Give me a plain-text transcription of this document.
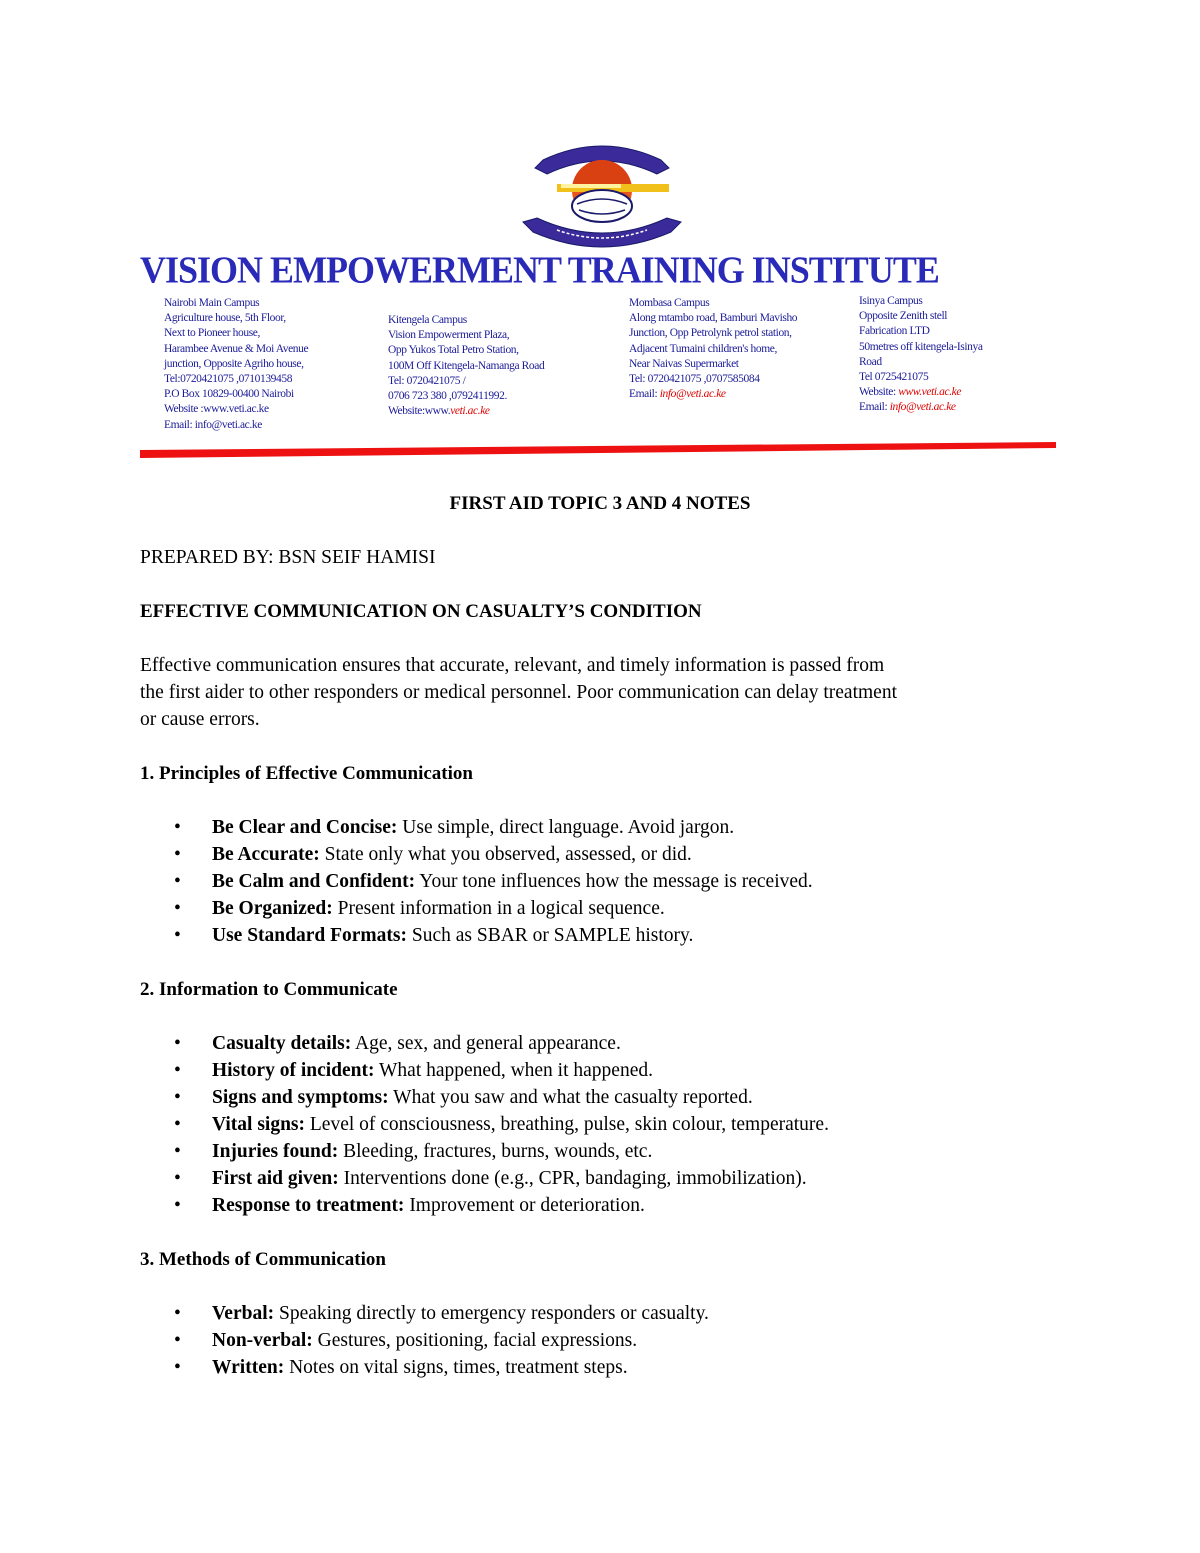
VISION EMPOWERMENT TRAINING INSTITUTE
Nairobi Main Campus
Agriculture house, 5th Floor,
Next to Pioneer house,
Harambee Avenue & Moi Avenue
junction, Opposite Agriho house,
Tel:0720421075 ,0710139458
P.O Box 10829-00400 Nairobi
Website :www.veti.ac.ke
Email: info@veti.ac.ke
Kitengela Campus
Vision Empowerment Plaza,
Opp Yukos Total Petro Station,
100M Off Kitengela-Namanga Road
Tel: 0720421075 /
0706 723 380 ,0792411992.
Website:www.veti.ac.ke
Mombasa Campus
Along mtambo road, Bamburi Mavisho
Junction, Opp Petrolynk petrol station,
Adjacent Tumaini children's home,
Near Naivas Supermarket
Tel: 0720421075 ,0707585084
Email: info@veti.ac.ke
Isinya Campus
Opposite Zenith stell
Fabrication LTD
50metres off kitengela-Isinya
Road
Tel 0725421075
Website: www.veti.ac.ke
Email: info@veti.ac.ke

FIRST AID TOPIC 3 AND 4 NOTES

PREPARED BY: BSN SEIF HAMISI

EFFECTIVE COMMUNICATION ON CASUALTY’S CONDITION

Effective communication ensures that accurate, relevant, and timely information is passed from

the first aider to other responders or medical personnel. Poor communication can delay treatment

or cause errors.

1. Principles of Effective Communication

• Be Clear and Concise: Use simple, direct language. Avoid jargon.
• Be Accurate: State only what you observed, assessed, or did.
• Be Calm and Confident: Your tone influences how the message is received.
• Be Organized: Present information in a logical sequence.
• Use Standard Formats: Such as SBAR or SAMPLE history.

2. Information to Communicate

• Casualty details: Age, sex, and general appearance.
• History of incident: What happened, when it happened.
• Signs and symptoms: What you saw and what the casualty reported.
• Vital signs: Level of consciousness, breathing, pulse, skin colour, temperature.
• Injuries found: Bleeding, fractures, burns, wounds, etc.
• First aid given: Interventions done (e.g., CPR, bandaging, immobilization).
• Response to treatment: Improvement or deterioration.

3. Methods of Communication

• Verbal: Speaking directly to emergency responders or casualty.
• Non-verbal: Gestures, positioning, facial expressions.
• Written: Notes on vital signs, times, treatment steps.
